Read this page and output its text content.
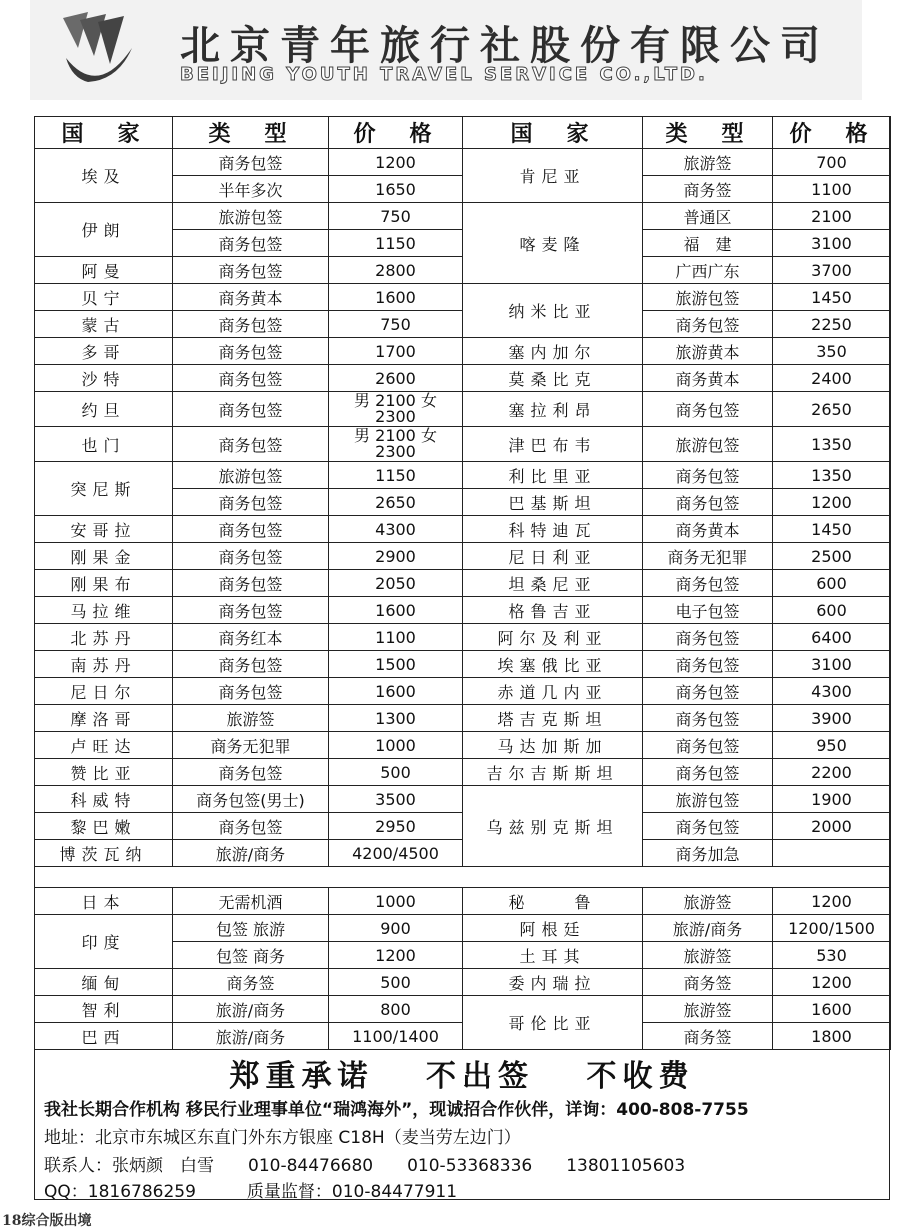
北京青年旅行社股份有限公司
BEIJING YOUTH TRAVEL SERVICE CO.,LTD.
国　家	类　型	价　格	国　家	类　型	价　格
埃及	商务包签	1200	肯尼亚	旅游签	700
	半年多次	1650		商务签	1100
伊朗	旅游包签	750	喀麦隆	普通区	2100
	商务包签	1150		福　建	3100
阿曼	商务包签	2800		广西广东	3700
贝宁	商务黄本	1600	纳米比亚	旅游包签	1450
蒙古	商务包签	750		商务包签	2250
多哥	商务包签	1700	塞内加尔	旅游黄本	350
沙特	商务包签	2600	莫桑比克	商务黄本	2400
约旦	商务包签	男 2100 女 2300	塞拉利昂	商务包签	2650
也门	商务包签	男 2100 女 2300	津巴布韦	旅游包签	1350
突尼斯	旅游包签	1150	利比里亚	商务包签	1350
	商务包签	2650	巴基斯坦	商务包签	1200
安哥拉	商务包签	4300	科特迪瓦	商务黄本	1450
刚果金	商务包签	2900	尼日利亚	商务无犯罪	2500
刚果布	商务包签	2050	坦桑尼亚	商务包签	600
马拉维	商务包签	1600	格鲁吉亚	电子包签	600
北苏丹	商务红本	1100	阿尔及利亚	商务包签	6400
南苏丹	商务包签	1500	埃塞俄比亚	商务包签	3100
尼日尔	商务包签	1600	赤道几内亚	商务包签	4300
摩洛哥	旅游签	1300	塔吉克斯坦	商务包签	3900
卢旺达	商务无犯罪	1000	马达加斯加	商务包签	950
赞比亚	商务包签	500	吉尔吉斯斯坦	商务包签	2200
科威特	商务包签(男士)	3500	乌兹别克斯坦	旅游包签	1900
黎巴嫩	商务包签	2950		商务包签	2000
博茨瓦纳	旅游/商务	4200/4500		商务加急	

日本	无需机酒	1000	秘　　鲁	旅游签	1200
印度	包签 旅游	900	阿根廷	旅游/商务	1200/1500
	包签 商务	1200	土耳其	旅游签	530
缅甸	商务签	500	委内瑞拉	商务签	1200
智利	旅游/商务	800	哥伦比亚	旅游签	1600
巴西	旅游/商务	1100/1400		商务签	1800
郑重承诺 不出签 不收费
我社长期合作机构 移民行业理事单位“瑞鸿海外”，现诚招合作伙伴，详询：400-808-7755
地址：北京市东城区东直门外东方银座 C18H（麦当劳左边门）
联系人：张炳颜　白雪　　010-84476680　　010-53368336　　13801105603
QQ：1816786259　　　质量监督：010-84477911
18综合版出境
